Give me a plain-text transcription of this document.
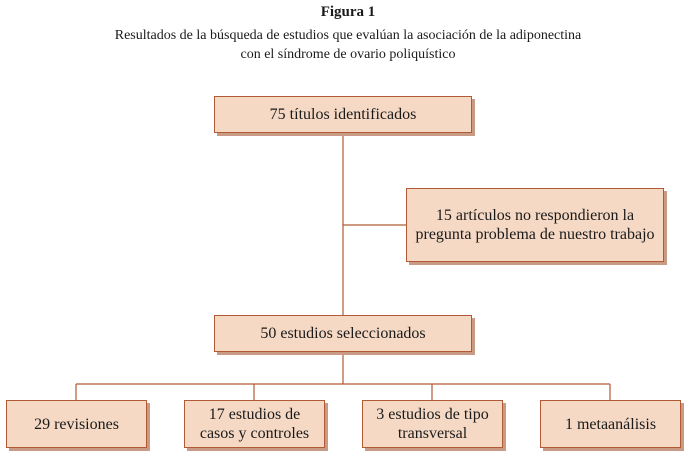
Figura 1
Resultados de la búsqueda de estudios que evalúan la asociación de la adiponectina
con el síndrome de ovario poliquístico
75 títulos identificados
15 artículos no respondieron la pregunta problema de nuestro trabajo
50 estudios seleccionados
29 revisiones
17 estudios de casos y controles
3 estudios de tipo transversal
1 metaanálisis
